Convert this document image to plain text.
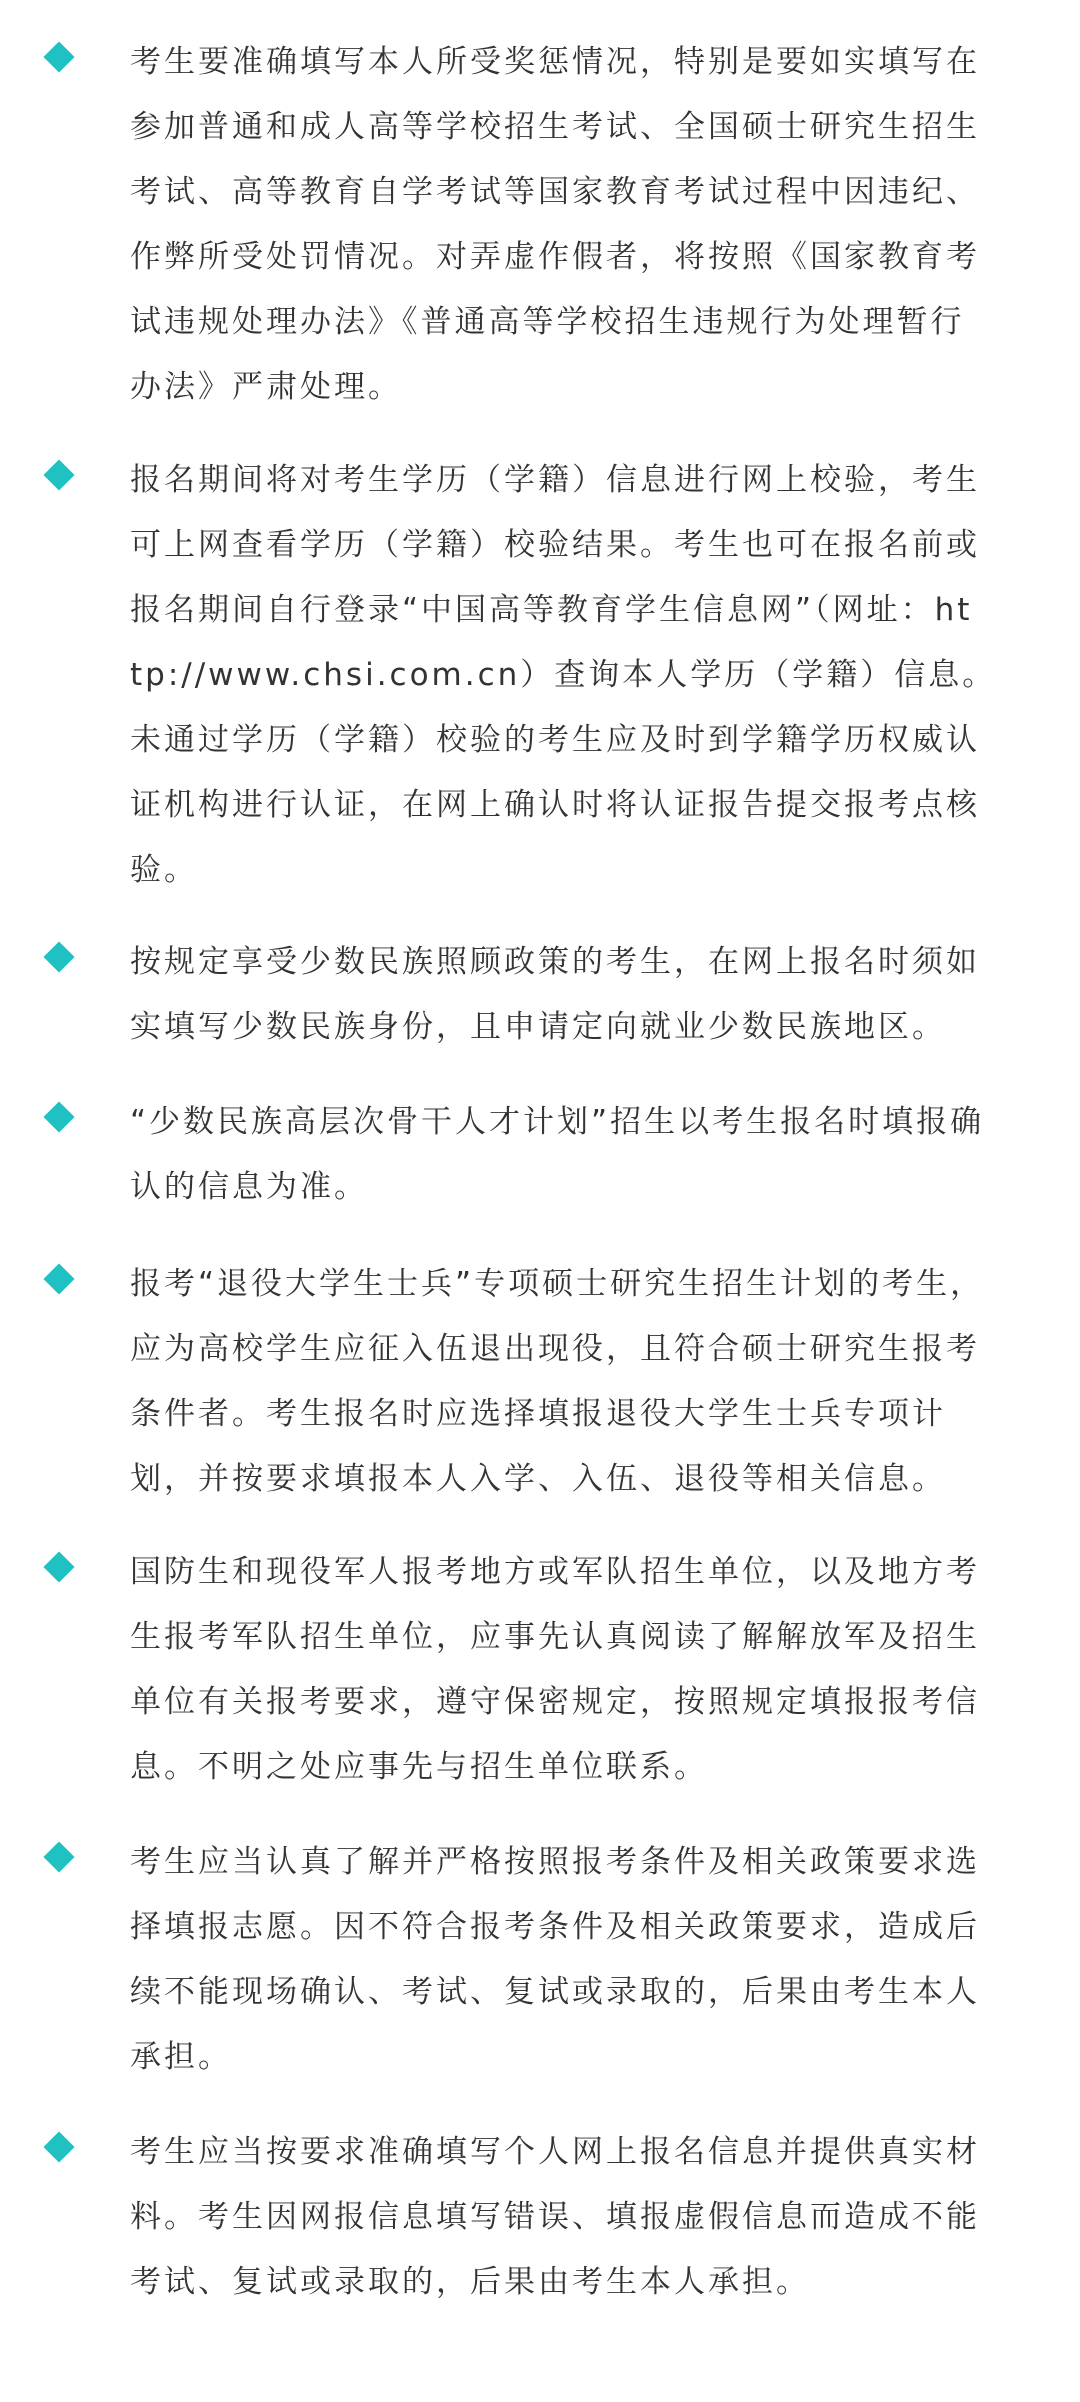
考生要准确填写本人所受奖惩情况，特别是要如实填写在
参加普通和成人高等学校招生考试、全国硕士研究生招生
考试、高等教育自学考试等国家教育考试过程中因违纪、
作弊所受处罚情况。对弄虚作假者，将按照《国家教育考
试违规处理办法》《普通高等学校招生违规行为处理暂行
办法》严肃处理。
报名期间将对考生学历（学籍）信息进行网上校验，考生
可上网查看学历（学籍）校验结果。考生也可在报名前或
报名期间自行登录“中国高等教育学生信息网”（网址：ht
tp://www.chsi.com.cn）查询本人学历（学籍）信息。
未通过学历（学籍）校验的考生应及时到学籍学历权威认
证机构进行认证，在网上确认时将认证报告提交报考点核
验。
按规定享受少数民族照顾政策的考生，在网上报名时须如
实填写少数民族身份，且申请定向就业少数民族地区。
“少数民族高层次骨干人才计划”招生以考生报名时填报确
认的信息为准。
报考“退役大学生士兵”专项硕士研究生招生计划的考生，
应为高校学生应征入伍退出现役，且符合硕士研究生报考
条件者。考生报名时应选择填报退役大学生士兵专项计
划，并按要求填报本人入学、入伍、退役等相关信息。
国防生和现役军人报考地方或军队招生单位，以及地方考
生报考军队招生单位，应事先认真阅读了解解放军及招生
单位有关报考要求，遵守保密规定，按照规定填报报考信
息。不明之处应事先与招生单位联系。
考生应当认真了解并严格按照报考条件及相关政策要求选
择填报志愿。因不符合报考条件及相关政策要求，造成后
续不能现场确认、考试、复试或录取的，后果由考生本人
承担。
考生应当按要求准确填写个人网上报名信息并提供真实材
料。考生因网报信息填写错误、填报虚假信息而造成不能
考试、复试或录取的，后果由考生本人承担。
